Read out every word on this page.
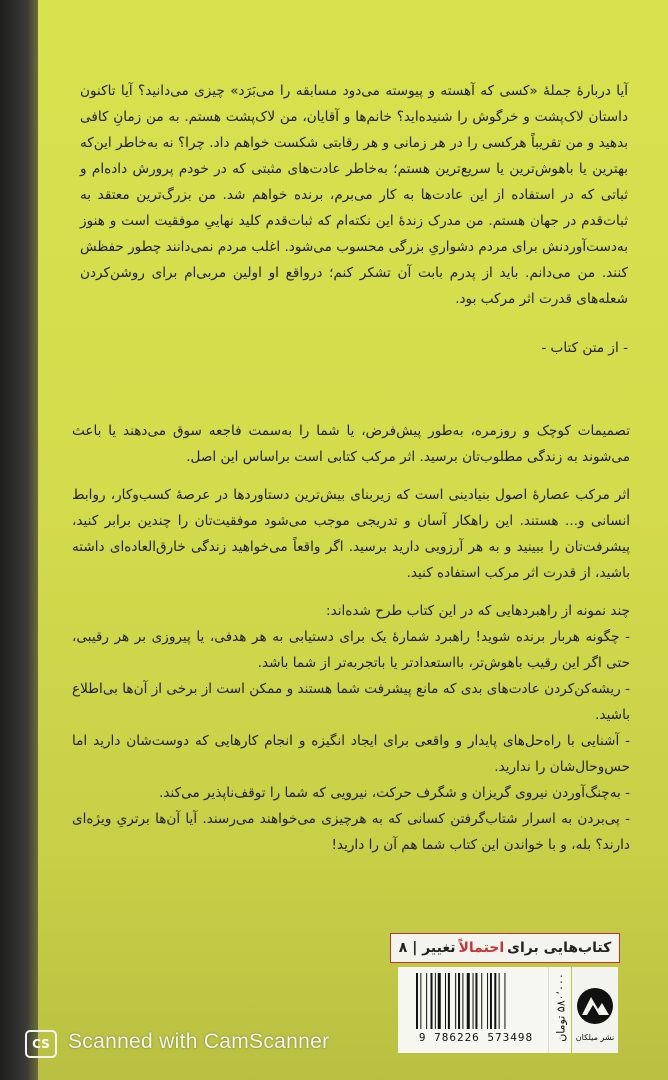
آیا دربارهٔ جملهٔ «کسی که آهسته و پیوسته می‌دود مسابقه را می‌بَرَد» چیزی می‌دانید؟ آیا تاکنون داستان لاک‌پشت و خرگوش را شنیده‌اید؟ خانم‌ها و آقایان، من لاک‌پشت هستم. به من زمانِ کافی بدهید و من تقریباً هرکسی را در هر زمانی و هر رقابتی شکست خواهم داد. چرا؟ نه به‌خاطر این‌که بهترین یا باهوش‌ترین یا سریع‌ترین هستم؛ به‌خاطر عادت‌های مثبتی که در خودم پرورش داده‌ام و ثباتی که در استفاده از این عادت‌ها به کار می‌برم، برنده خواهم شد. من بزرگ‌ترین معتقد به ثبات‌قدم در جهان هستم. من مدرک زندهٔ این نکته‌ام که ثبات‌قدم کلید نهاییِ موفقیت است و هنوز به‌دست‌آوردنش برای مردم دشواریِ بزرگی محسوب می‌شود. اغلب مردم نمی‌دانند چطور حفظش کنند. من می‌دانم. باید از پدرم بابت آن تشکر کنم؛ درواقع او اولین مربی‌ام برای روشن‌کردن شعله‌های قدرت اثر مرکب بود.

- از متن کتاب -

تصمیمات کوچک و روزمره، به‌طور پیش‌فرض، یا شما را به‌سمت فاجعه سوق می‌دهند یا باعث می‌شوند به زندگی مطلوب‌تان برسید. اثر مرکب کتابی است براساس این اصل.

اثر مرکب عصارهٔ اصول بنیادینی است که زیربنای بیش‌ترین دستاوردها در عرصهٔ کسب‌وکار، روابط انسانی و... هستند. این راهکار آسان و تدریجی موجب می‌شود موفقیت‌تان را چندین برابر کنید، پیشرفت‌تان را ببینید و به هر آرزویی دارید برسید. اگر واقعاً می‌خواهید زندگی خارق‌العاده‌ای داشته باشید، از قدرت اثر مرکب استفاده کنید.

چند نمونه از راهبردهایی که در این کتاب طرح شده‌اند:

- چگونه هربار برنده شوید! راهبرد شمارهٔ یک برای دستیابی به هر هدفی، یا پیروزی بر هر رقیبی، حتی اگر این رقیب باهوش‌تر، بااستعدادتر یا باتجربه‌تر از شما باشد.

- ریشه‌کن‌کردن عادت‌های بدی که مانع پیشرفت شما هستند و ممکن است از برخی از آن‌ها بی‌اطلاع باشید.

- آشنایی با راه‌حل‌های پایدار و واقعی برای ایجاد انگیزه و انجام کارهایی که دوست‌شان دارید اما حس‌وحال‌شان را ندارید.

- به‌چنگ‌آوردن نیروی گریزان و شگرف حرکت، نیرویی که شما را توقف‌ناپذیر می‌کند.

- پی‌بردن به اسرار شتاب‌گرفتن کسانی که به هرچیزی می‌خواهند می‌رسند. آیا آن‌ها برتریِ ویژه‌ای دارند؟ بله، و با خواندن این کتاب شما هم آن را دارید!

کتاب‌هایی برای
احتمالاً
تغییر | ۸
9 786226 573498	۵۸۰٬۰۰۰ تومان
نشر میلکان
CS Scanned with CamScanner
